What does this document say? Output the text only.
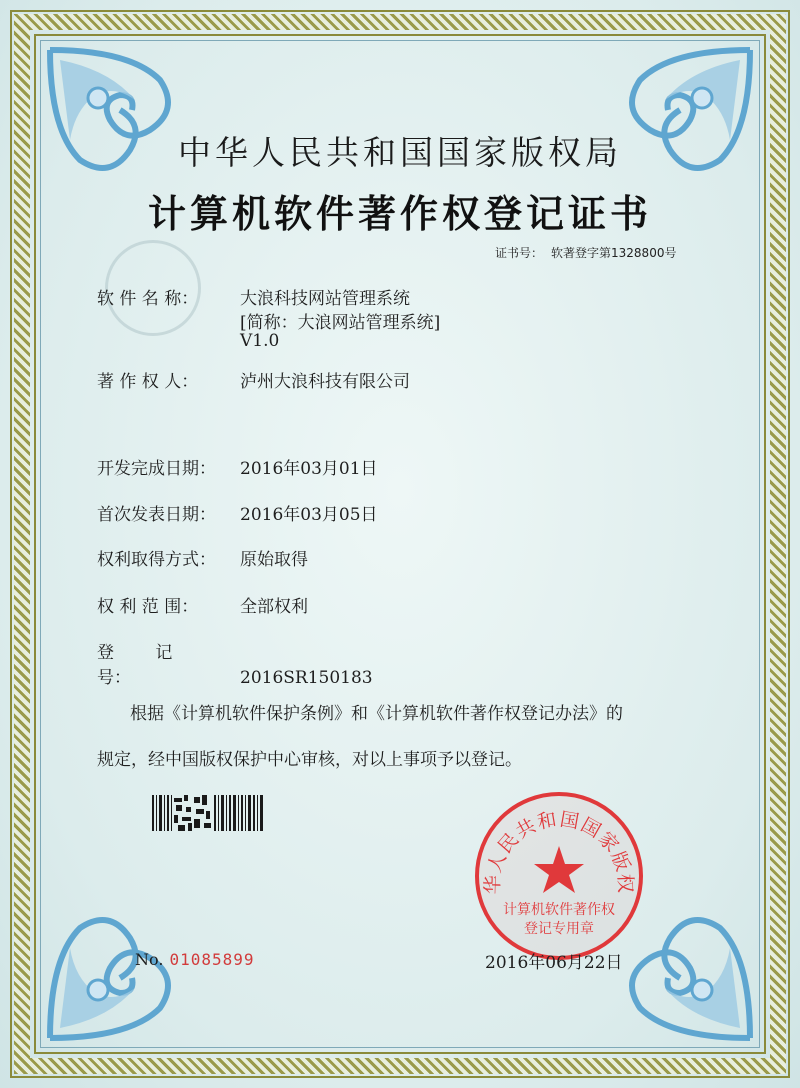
中华人民共和国国家版权局
计算机软件著作权登记证书
证书号： 软著登字第1328800号
软 件 名 称： 大浪科技网站管理系统
[简称：大浪网站管理系统]
V1.0
著 作 权 人： 泸州大浪科技有限公司
开发完成日期： 2016年03月01日
首次发表日期： 2016年03月05日
权利取得方式： 原始取得
权 利 范 围： 全部权利
登 记 号：	2016SR150183
根据《计算机软件保护条例》和《计算机软件著作权登记办法》的
规定，经中国版权保护中心审核，对以上事项予以登记。
No. 01085899
华人民共和国国家版权
计算机软件著作权
登记专用章
2016年06月22日
